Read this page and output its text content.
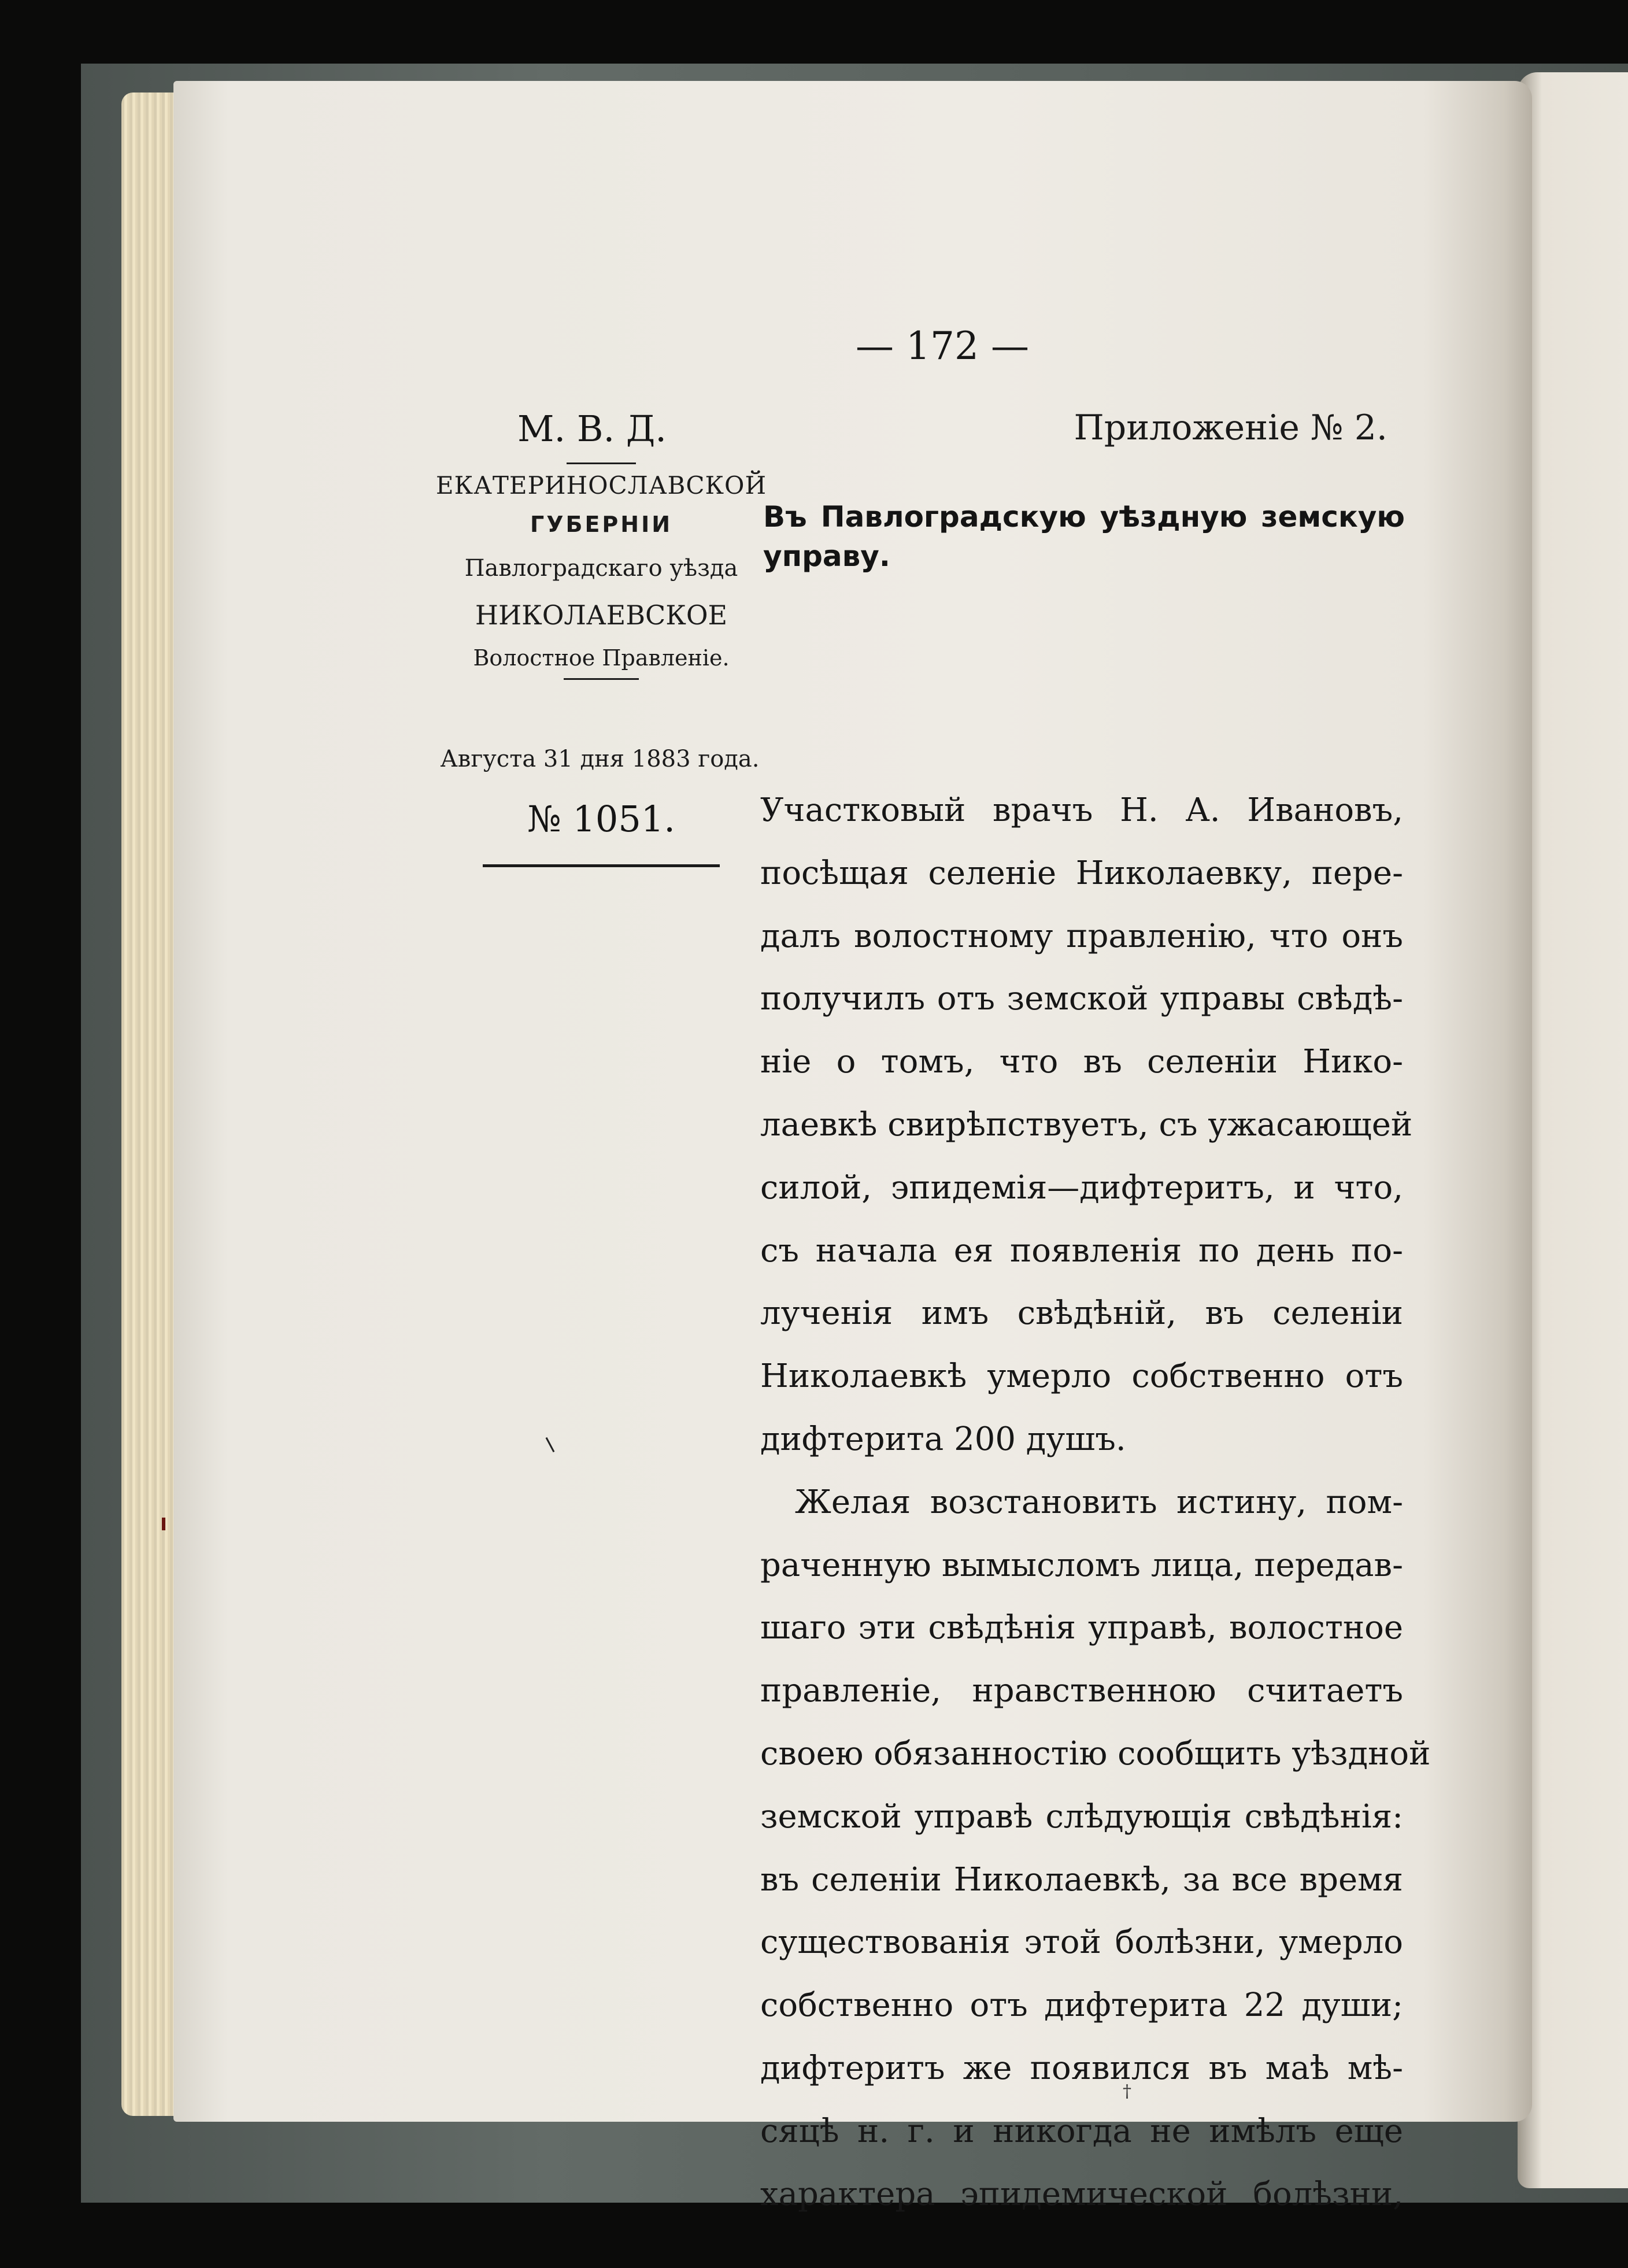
— 172 —
М. В. Д.	Приложеніе № 2.
ЕКАТЕРИНОСЛАВСКОЙ
ГУБЕРНІИ
Павлоградскаго уѣзда
НИКОЛАЕВСКОЕ
Волостное Правленіе.
Августа 31 дня 1883 года.
№ 1051.
Въ Павлоградскую уѣздную земскую управу.
Участковый врачъ Н. А. Ивановъ,
посѣщая селеніе Николаевку, пере-
далъ волостному правленію, что онъ
получилъ отъ земской управы свѣдѣ-
ніе о томъ, что въ селеніи Нико-
лаевкѣ свирѣпствуетъ, съ ужасающей
силой, эпидемія—дифтеритъ, и что,
съ начала ея появленія по день по-
лученія имъ свѣдѣній, въ селеніи
Николаевкѣ умерло собственно отъ
дифтерита 200 душъ.
Желая возстановить истину, пом-
раченную вымысломъ лица, передав-
шаго эти свѣдѣнія управѣ, волостное
правленіе, нравственною считаетъ
своею обязанностію сообщить уѣздной
земской управѣ слѣдующія свѣдѣнія:
въ селеніи Николаевкѣ, за все время
существованія этой болѣзни, умерло
собственно отъ дифтерита 22 души;
дифтеритъ же появился въ маѣ мѣ-
сяцѣ н. г. и никогда не имѣлъ еще
характера эпидемической болѣзни,
†
